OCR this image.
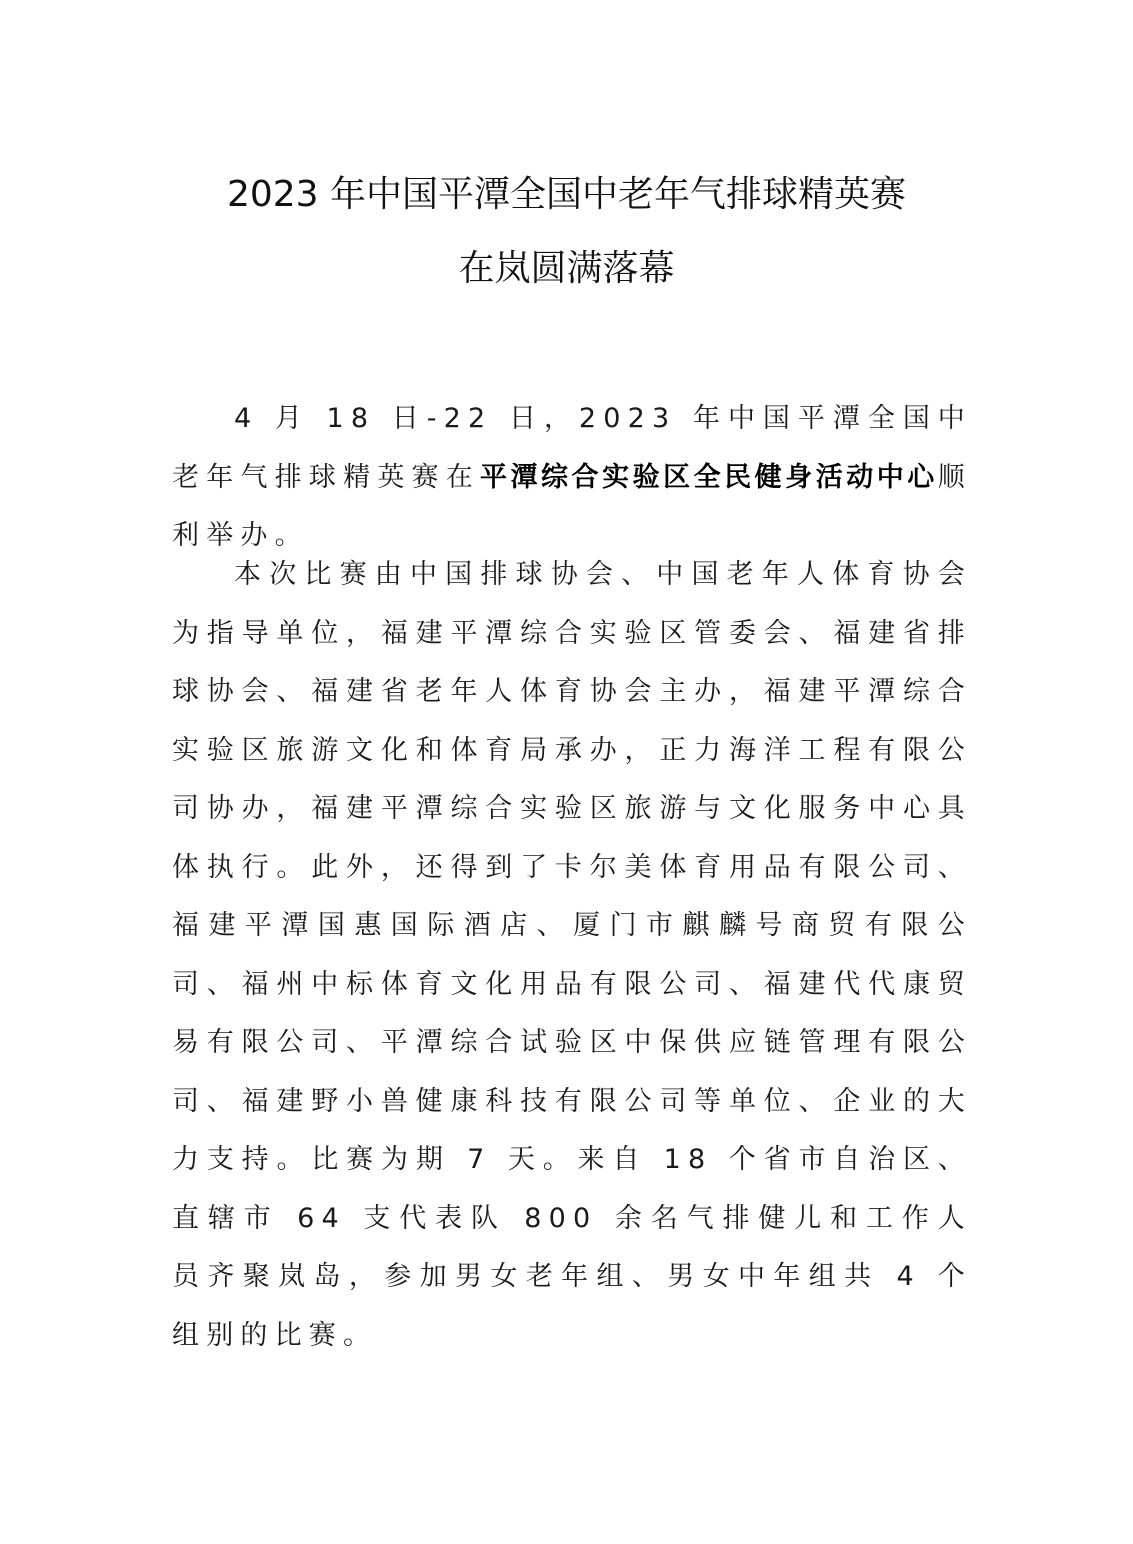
2023 年中国平潭全国中老年气排球精英赛
在岚圆满落幕

4 月 18 日-22 日，2023 年中国平潭全国中老年气排球精英赛在平潭综合实验区全民健身活动中心顺利举办。

本次比赛由中国排球协会、中国老年人体育协会为指导单位，福建平潭综合实验区管委会、福建省排球协会、福建省老年人体育协会主办，福建平潭综合实验区旅游文化和体育局承办，正力海洋工程有限公司协办，福建平潭综合实验区旅游与文化服务中心具体执行。此外，还得到了卡尔美体育用品有限公司、福建平潭国惠国际酒店、厦门市麒麟号商贸有限公司、福州中标体育文化用品有限公司、福建代代康贸易有限公司、平潭综合试验区中保供应链管理有限公司、福建野小兽健康科技有限公司等单位、企业的大力支持。比赛为期 7 天。来自 18 个省市自治区、直辖市 64 支代表队 800 余名气排健儿和工作人员齐聚岚岛，参加男女老年组、男女中年组共 4 个组别的比赛。
